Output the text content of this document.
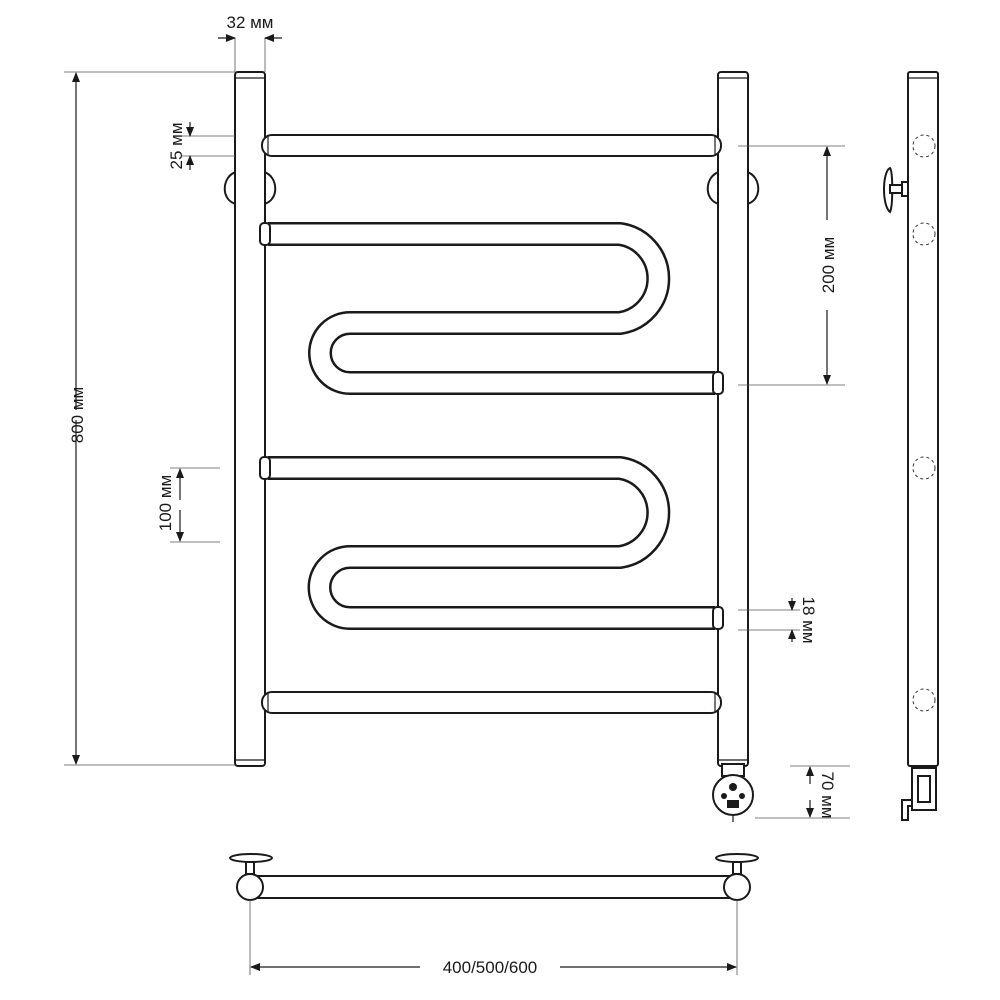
32 мм
800 мм
25 мм
100 мм
200 мм
18 мм
70 мм
400/500/600
